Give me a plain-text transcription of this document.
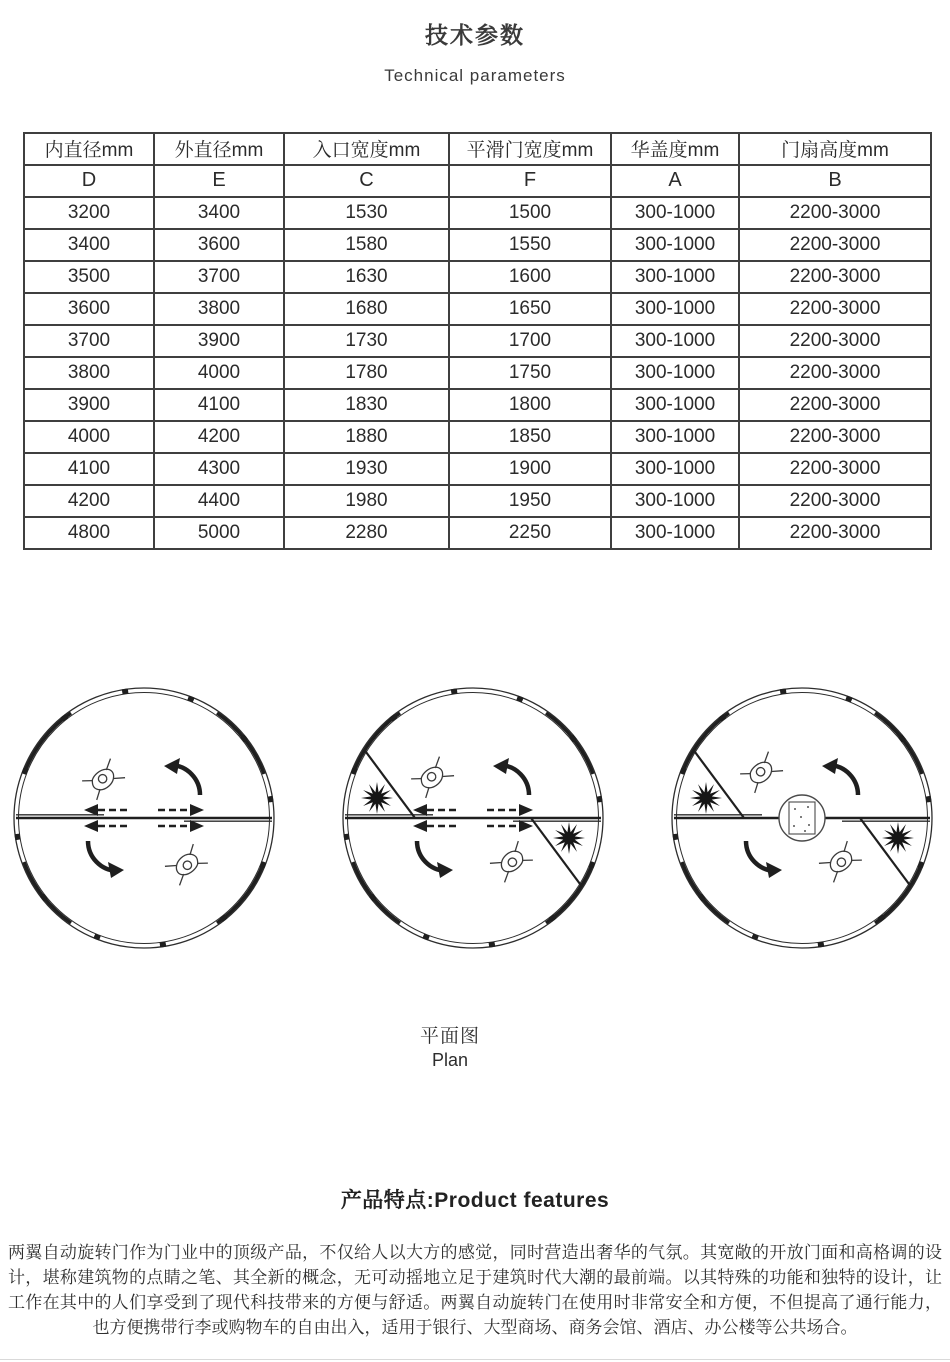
技术参数
Technical parameters
内直径mm	外直径mm	入口宽度mm	平滑门宽度mm	华盖度mm	门扇高度mm
D	E	C	F	A	B
3200	3400	1530	1500	300-1000	2200-3000
3400	3600	1580	1550	300-1000	2200-3000
3500	3700	1630	1600	300-1000	2200-3000
3600	3800	1680	1650	300-1000	2200-3000
3700	3900	1730	1700	300-1000	2200-3000
3800	4000	1780	1750	300-1000	2200-3000
3900	4100	1830	1800	300-1000	2200-3000
4000	4200	1880	1850	300-1000	2200-3000
4100	4300	1930	1900	300-1000	2200-3000
4200	4400	1980	1950	300-1000	2200-3000
4800	5000	2280	2250	300-1000	2200-3000
平面图
Plan
产品特点:Product features

两翼自动旋转门作为门业中的顶级产品，不仅给人以大方的感觉，同时营造出奢华的气氛。其宽敞的开放门面和高格调的设计，堪称建筑物的点睛之笔、其全新的概念，无可动摇地立足于建筑时代大潮的最前端。以其特殊的功能和独特的设计，让工作在其中的人们享受到了现代科技带来的方便与舒适。两翼自动旋转门在使用时非常安全和方便，不但提高了通行能力，也方便携带行李或购物车的自由出入，适用于银行、大型商场、商务会馆、酒店、办公楼等公共场合。
